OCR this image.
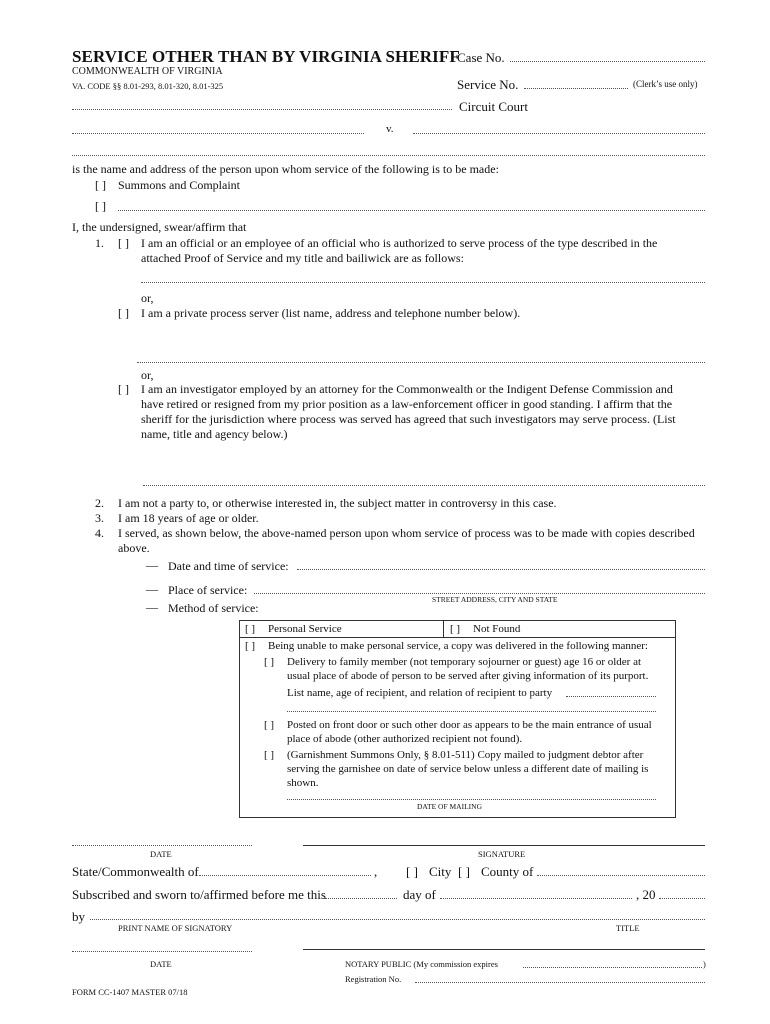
SERVICE OTHER THAN BY VIRGINIA SHERIFF
COMMONWEALTH OF VIRGINIA
VA. CODE §§ 8.01-293, 8.01-320, 8.01-325
Case No.
Service No.	(Clerk’s use only)
Circuit Court
v.
is the name and address of the person upon whom service of the following is to be made:
[ ] Summons and Complaint
[ ]
I, the undersigned, swear/affirm that
1. [ ] I am an official or an employee of an official who is authorized to serve process of the type described in the
attached Proof of Service and my title and bailiwick are as follows:
or,
[ ] I am a private process server (list name, address and telephone number below).
or,
[ ] I am an investigator employed by an attorney for the Commonwealth or the Indigent Defense Commission and
have retired or resigned from my prior position as a law-enforcement officer in good standing. I affirm that the
sheriff for the jurisdiction where process was served has agreed that such investigators may serve process. (List
name, title and agency below.)
2. I am not a party to, or otherwise interested in, the subject matter in controversy in this case.
3. I am 18 years of age or older.
4. I served, as shown below, the above-named person upon whom service of process was to be made with copies described
above.
— Date and time of service:
— Place of service:
STREET ADDRESS, CITY AND STATE
— Method of service:
[ ] Personal Service	[ ] Not Found
[ ] Being unable to make personal service, a copy was delivered in the following manner:
[ ] Delivery to family member (not temporary sojourner or guest) age 16 or older at
usual place of abode of person to be served after giving information of its purport.
List name, age of recipient, and relation of recipient to party
[ ] Posted on front door or such other door as appears to be the main entrance of usual
place of abode (other authorized recipient not found).
[ ] (Garnishment Summons Only, § 8.01-511) Copy mailed to judgment debtor after
serving the garnishee on date of service below unless a different date of mailing is
shown.
DATE OF MAILING
DATE	SIGNATURE
State/Commonwealth of	, [ ] City [ ] County of
Subscribed and sworn to/affirmed before me this	day of	, 20
by
PRINT NAME OF SIGNATORY	TITLE
DATE	NOTARY PUBLIC (My commission expires	)
Registration No.
FORM CC-1407 MASTER 07/18
